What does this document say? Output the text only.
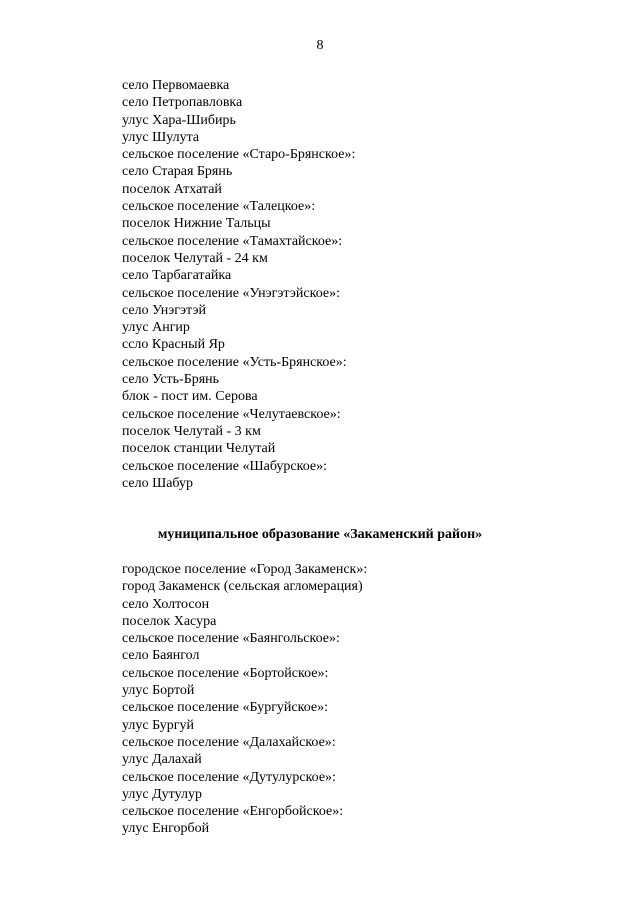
8
село Первомаевка
село Петропавловка
улус Хара-Шибирь
улус Шулута
сельское поселение «Старо-Брянское»:
село Старая Брянь
поселок Атхатай
сельское поселение «Талецкое»:
поселок Нижние Тальцы
сельское поселение «Тамахтайское»:
поселок Челутай - 24 км
село Тарбагатайка
сельское поселение «Унэгэтэйское»:
село Унэгэтэй
улус Ангир
ссло Красный Яр
сельское поселение «Усть-Брянское»:
село Усть-Брянь
блок - пост им. Серова
сельское поселение «Челутаевское»:
поселок Челутай - 3 км
поселок станции Челутай
сельское поселение «Шабурское»:
село Шабур
муниципальное образование «Закаменский район»
городское поселение «Город Закаменск»:
город Закаменск (сельская агломерация)
село Холтосон
поселок Хасура
сельское поселение «Баянгольское»:
село Баянгол
сельское поселение «Бортойское»:
улус Бортой
сельское поселение «Бургуйское»:
улус Бургуй
сельское поселение «Далахайское»:
улус Далахай
сельское поселение «Дутулурское»:
улус Дутулур
сельское поселение «Енгорбойское»:
улус Енгорбой
